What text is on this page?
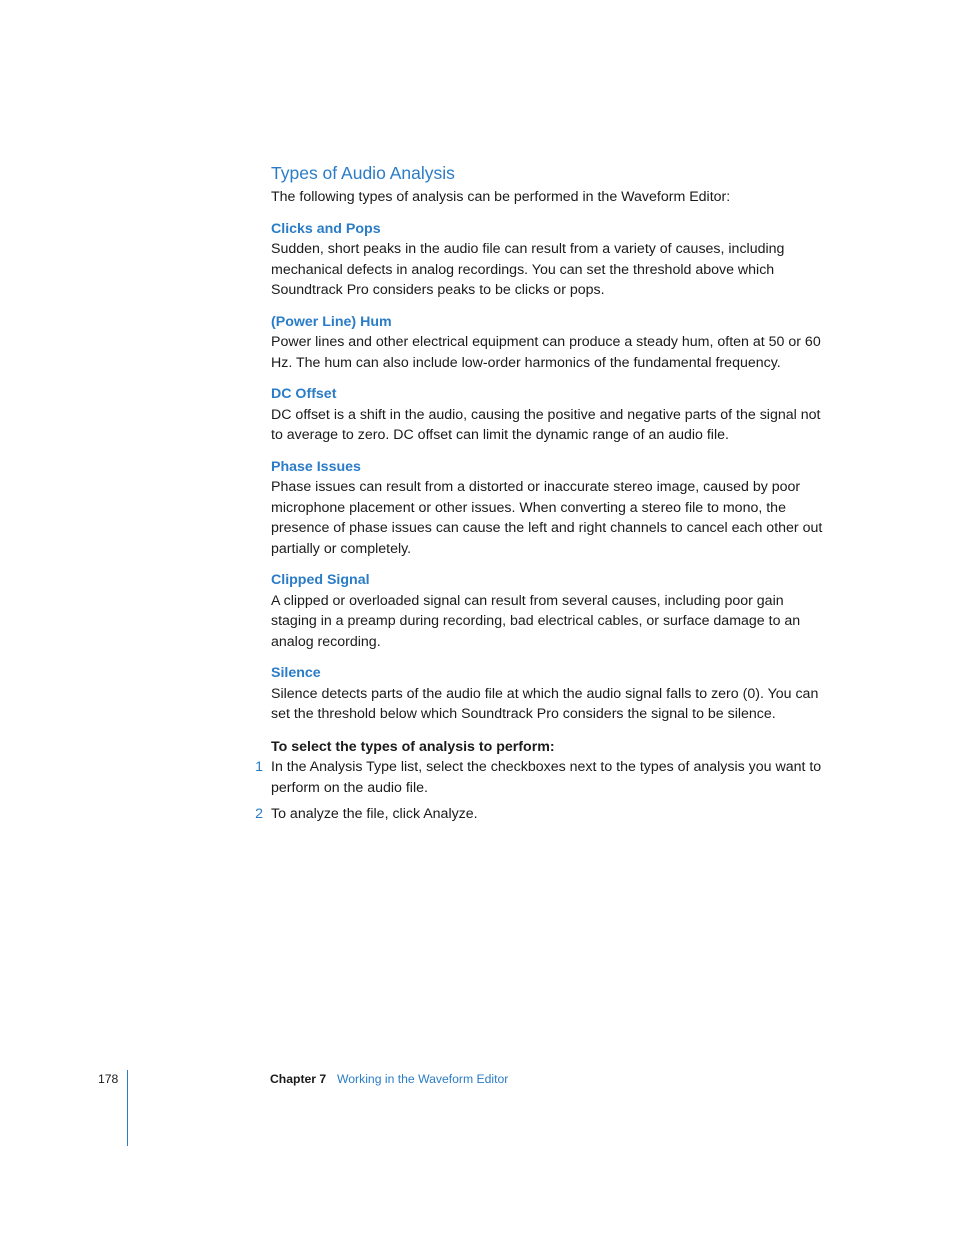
Types of Audio Analysis
The following types of analysis can be performed in the Waveform Editor:
Clicks and Pops
Sudden, short peaks in the audio file can result from a variety of causes, including mechanical defects in analog recordings. You can set the threshold above which Soundtrack Pro considers peaks to be clicks or pops.
(Power Line) Hum
Power lines and other electrical equipment can produce a steady hum, often at 50 or 60 Hz. The hum can also include low-order harmonics of the fundamental frequency.
DC Offset
DC offset is a shift in the audio, causing the positive and negative parts of the signal not to average to zero. DC offset can limit the dynamic range of an audio file.
Phase Issues
Phase issues can result from a distorted or inaccurate stereo image, caused by poor microphone placement or other issues. When converting a stereo file to mono, the presence of phase issues can cause the left and right channels to cancel each other out partially or completely.
Clipped Signal
A clipped or overloaded signal can result from several causes, including poor gain staging in a preamp during recording, bad electrical cables, or surface damage to an analog recording.
Silence
Silence detects parts of the audio file at which the audio signal falls to zero (0). You can set the threshold below which Soundtrack Pro considers the signal to be silence.
To select the types of analysis to perform:
1 In the Analysis Type list, select the checkboxes next to the types of analysis you want to perform on the audio file.
2 To analyze the file, click Analyze.
178	Chapter 7 Working in the Waveform Editor
